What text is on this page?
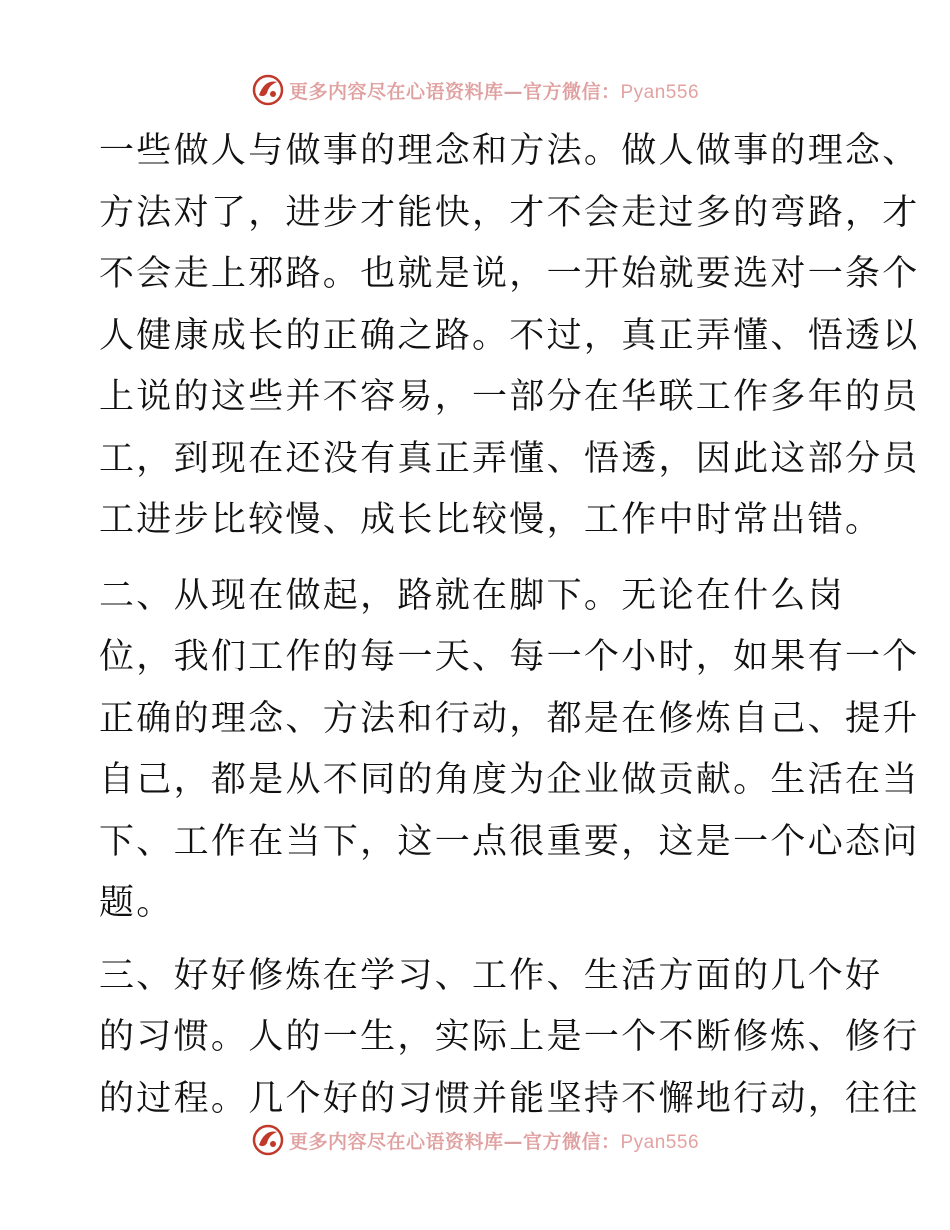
更多内容尽在心语资料库—官方微信：Pyan556
一些做人与做事的理念和方法。做人做事的理念、
方法对了，进步才能快，才不会走过多的弯路，才
不会走上邪路。也就是说，一开始就要选对一条个
人健康成长的正确之路。不过，真正弄懂、悟透以
上说的这些并不容易，一部分在华联工作多年的员
工，到现在还没有真正弄懂、悟透，因此这部分员
工进步比较慢、成长比较慢，工作中时常出错。
二、从现在做起，路就在脚下。无论在什么岗
位，我们工作的每一天、每一个小时，如果有一个
正确的理念、方法和行动，都是在修炼自己、提升
自己，都是从不同的角度为企业做贡献。生活在当
下、工作在当下，这一点很重要，这是一个心态问
题。
三、好好修炼在学习、工作、生活方面的几个好
的习惯。人的一生，实际上是一个不断修炼、修行
的过程。几个好的习惯并能坚持不懈地行动，往往
更多内容尽在心语资料库—官方微信：Pyan556
